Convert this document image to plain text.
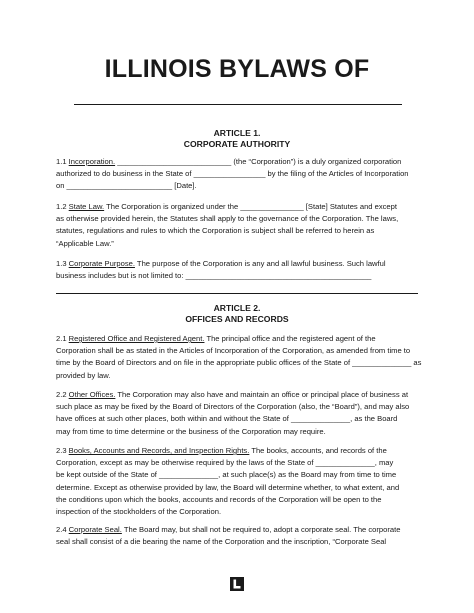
ILLINOIS BYLAWS OF

ARTICLE 1.

CORPORATE AUTHORITY

1.1 Incorporation. ___________________________ (the “Corporation”) is a duly organized corporation
authorized to do business in the State of _________________ by the filing of the Articles of Incorporation
on _________________________ [Date].
1.2 State Law. The Corporation is organized under the _______________ [State] Statutes and except
as otherwise provided herein, the Statutes shall apply to the governance of the Corporation. The laws,
statutes, regulations and rules to which the Corporation is subject shall be referred to herein as
“Applicable Law.”
1.3 Corporate Purpose. The purpose of the Corporation is any and all lawful business. Such lawful
business includes but is not limited to: ____________________________________________

ARTICLE 2.

OFFICES AND RECORDS

2.1 Registered Office and Registered Agent. The principal office and the registered agent of the
Corporation shall be as stated in the Articles of Incorporation of the Corporation, as amended from time to
time by the Board of Directors and on file in the appropriate public offices of the State of ______________ as
provided by law.
2.2 Other Offices. The Corporation may also have and maintain an office or principal place of business at
such place as may be fixed by the Board of Directors of the Corporation (also, the “Board”), and may also
have offices at such other places, both within and without the State of ______________, as the Board
may from time to time determine or the business of the Corporation may require.
2.3 Books, Accounts and Records, and Inspection Rights. The books, accounts, and records of the
Corporation, except as may be otherwise required by the laws of the State of ______________, may
be kept outside of the State of ______________, at such place(s) as the Board may from time to time
determine. Except as otherwise provided by law, the Board will determine whether, to what extent, and
the conditions upon which the books, accounts and records of the Corporation will be open to the
inspection of the stockholders of the Corporation.
2.4 Corporate Seal. The Board may, but shall not be required to, adopt a corporate seal. The corporate
seal shall consist of a die bearing the name of the Corporation and the inscription, “Corporate Seal
